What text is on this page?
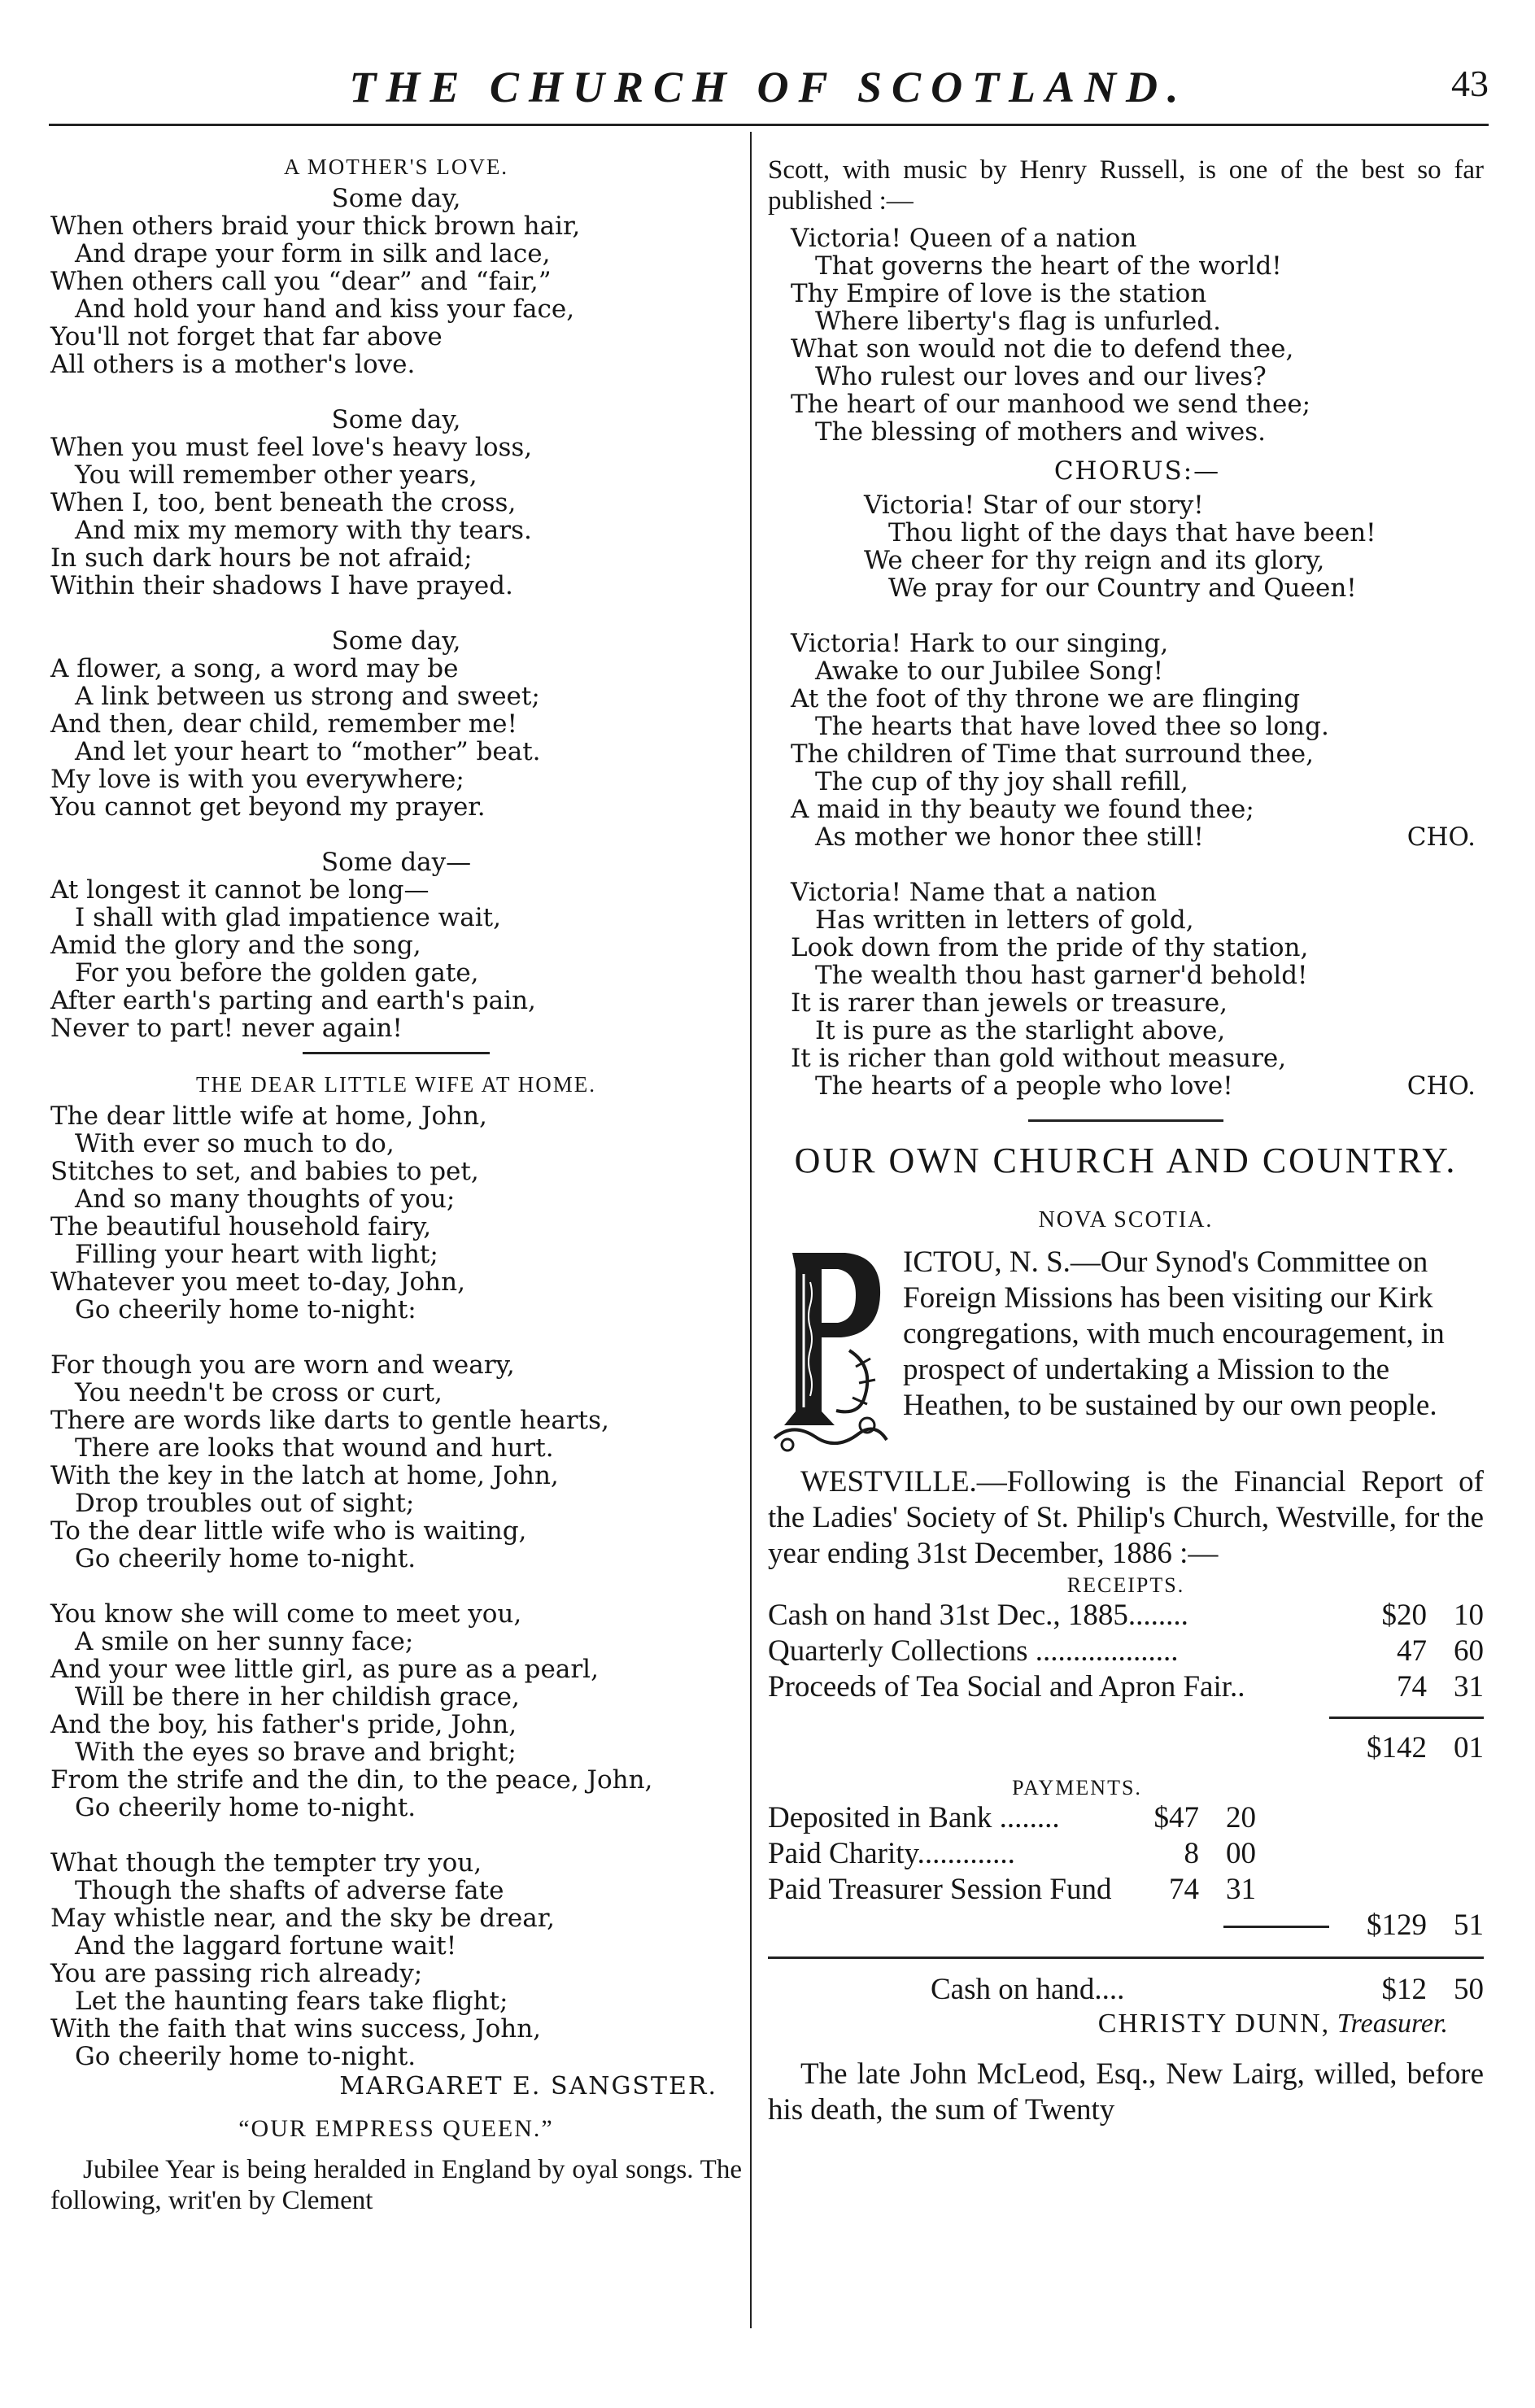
THE CHURCH OF SCOTLAND.	43
A MOTHER'S LOVE.
Some day,
When others braid your thick brown hair,
And drape your form in silk and lace,
When others call you “dear” and “fair,”
And hold your hand and kiss your face,
You'll not forget that far above
All others is a mother's love.
Some day,
When you must feel love's heavy loss,
You will remember other years,
When I, too, bent beneath the cross,
And mix my memory with thy tears.
In such dark hours be not afraid;
Within their shadows I have prayed.
Some day,
A flower, a song, a word may be
A link between us strong and sweet;
And then, dear child, remember me!
And let your heart to “mother” beat.
My love is with you everywhere;
You cannot get beyond my prayer.
Some day—
At longest it cannot be long—
I shall with glad impatience wait,
Amid the glory and the song,
For you before the golden gate,
After earth's parting and earth's pain,
Never to part! never again!
THE DEAR LITTLE WIFE AT HOME.
The dear little wife at home, John,
With ever so much to do,
Stitches to set, and babies to pet,
And so many thoughts of you;
The beautiful household fairy,
Filling your heart with light;
Whatever you meet to-day, John,
Go cheerily home to-night:
For though you are worn and weary,
You needn't be cross or curt,
There are words like darts to gentle hearts,
There are looks that wound and hurt.
With the key in the latch at home, John,
Drop troubles out of sight;
To the dear little wife who is waiting,
Go cheerily home to-night.
You know she will come to meet you,
A smile on her sunny face;
And your wee little girl, as pure as a pearl,
Will be there in her childish grace,
And the boy, his father's pride, John,
With the eyes so brave and bright;
From the strife and the din, to the peace, John,
Go cheerily home to-night.
What though the tempter try you,
Though the shafts of adverse fate
May whistle near, and the sky be drear,
And the laggard fortune wait!
You are passing rich already;
Let the haunting fears take flight;
With the faith that wins success, John,
Go cheerily home to-night.
MARGARET E. SANGSTER.
“OUR EMPRESS QUEEN.”
Jubilee Year is being heralded in England by oyal songs. The following, writ'en by Clement
Scott, with music by Henry Russell, is one of the best so far published :—
Victoria! Queen of a nation
That governs the heart of the world!
Thy Empire of love is the station
Where liberty's flag is unfurled.
What son would not die to defend thee,
Who rulest our loves and our lives?
The heart of our manhood we send thee;
The blessing of mothers and wives.
CHORUS:—
Victoria! Star of our story!
Thou light of the days that have been!
We cheer for thy reign and its glory,
We pray for our Country and Queen!
Victoria! Hark to our singing,
Awake to our Jubilee Song!
At the foot of thy throne we are flinging
The hearts that have loved thee so long.
The children of Time that surround thee,
The cup of thy joy shall refill,
A maid in thy beauty we found thee;
As mother we honor thee still!	CHO.
Victoria! Name that a nation
Has written in letters of gold,
Look down from the pride of thy station,
The wealth thou hast garner'd behold!
It is rarer than jewels or treasure,
It is pure as the starlight above,
It is richer than gold without measure,
The hearts of a people who love!	CHO.
OUR OWN CHURCH AND COUNTRY.
NOVA SCOTIA.
ICTOU, N. S.—Our Synod's Committee on Foreign Missions has been visiting our Kirk congregations, with much encouragement, in prospect of undertaking a Mission to the Heathen, to be sustained by our own people.
WESTVILLE.—Following is the Financial Report of the Ladies' Society of St. Philip's Church, Westville, for the year ending 31st December, 1886 :—
RECEIPTS.
Cash on hand 31st Dec., 1885........	$20 10
Quarterly Collections ...................	47 60
Proceeds of Tea Social and Apron Fair..	74 31
$142 01
PAYMENTS.
Deposited in Bank ........	$47 20
Paid Charity.............	8 00
Paid Treasurer Session Fund	74 31
$129 51
Cash on hand....	$12 50
CHRISTY DUNN, Treasurer.
The late John McLeod, Esq., New Lairg, willed, before his death, the sum of Twenty
